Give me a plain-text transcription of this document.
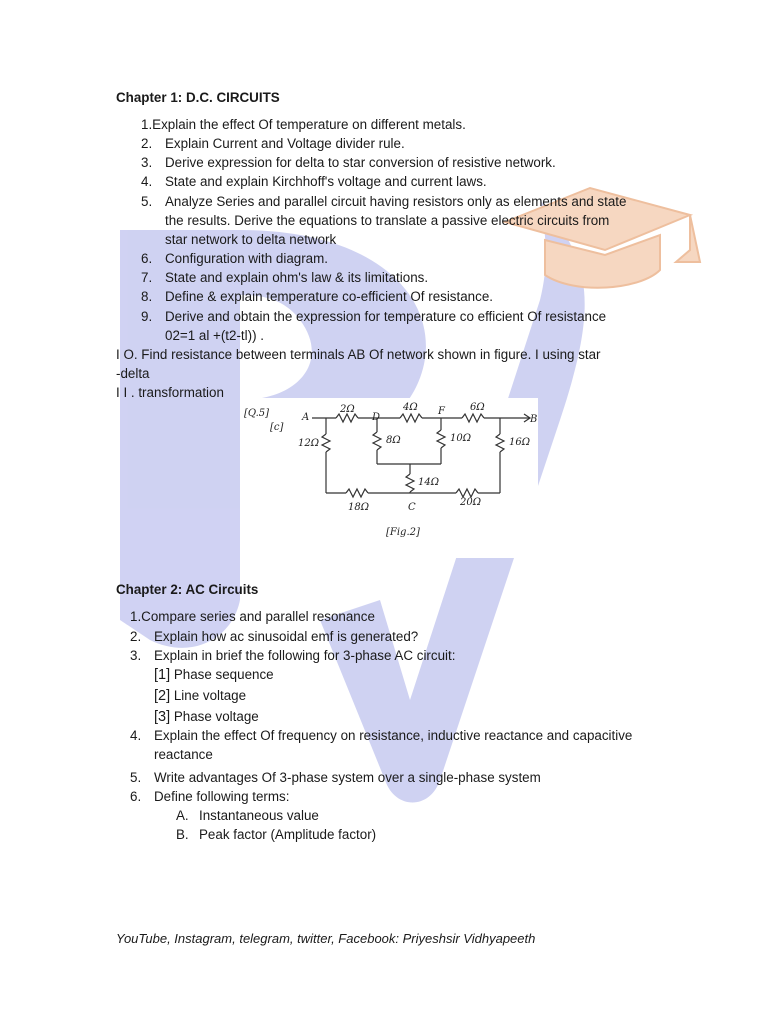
Chapter 1: D.C. CIRCUITS
1.Explain the effect Of temperature on different metals.
2. Explain Current and Voltage divider rule.
3. Derive expression for delta to star conversion of resistive network.
4. State and explain Kirchhoff's voltage and current laws.
5. Analyze Series and parallel circuit having resistors only as elements and state
the results. Derive the equations to translate a passive electric circuits from
star network to delta network
6. Configuration with diagram.
7. State and explain ohm's law & its limitations.
8. Define & explain temperature co-efficient Of resistance.
9. Derive and obtain the expression for temperature co efficient Of resistance
02=1 al +(t2-tl)) .
I O. Find resistance between terminals AB Of network shown in figure. I using star
-delta
I I . transformation
[Q.5]
[c]
A	D
F
B
C
2Ω	4Ω	6Ω
12Ω	8Ω	10Ω	16Ω
14Ω
18Ω	20Ω
[Fig.2]
Chapter 2: AC Circuits
1.Compare series and parallel resonance
2. Explain how ac sinusoidal emf is generated?
3. Explain in brief the following for 3-phase AC circuit:
[1] Phase sequence
[2] Line voltage
[3] Phase voltage
4. Explain the effect Of frequency on resistance, inductive reactance and capacitive
reactance
5. Write advantages Of 3-phase system over a single-phase system
6. Define following terms:
A. Instantaneous value
B. Peak factor (Amplitude factor)
YouTube, Instagram, telegram, twitter, Facebook: Priyeshsir Vidhyapeeth
